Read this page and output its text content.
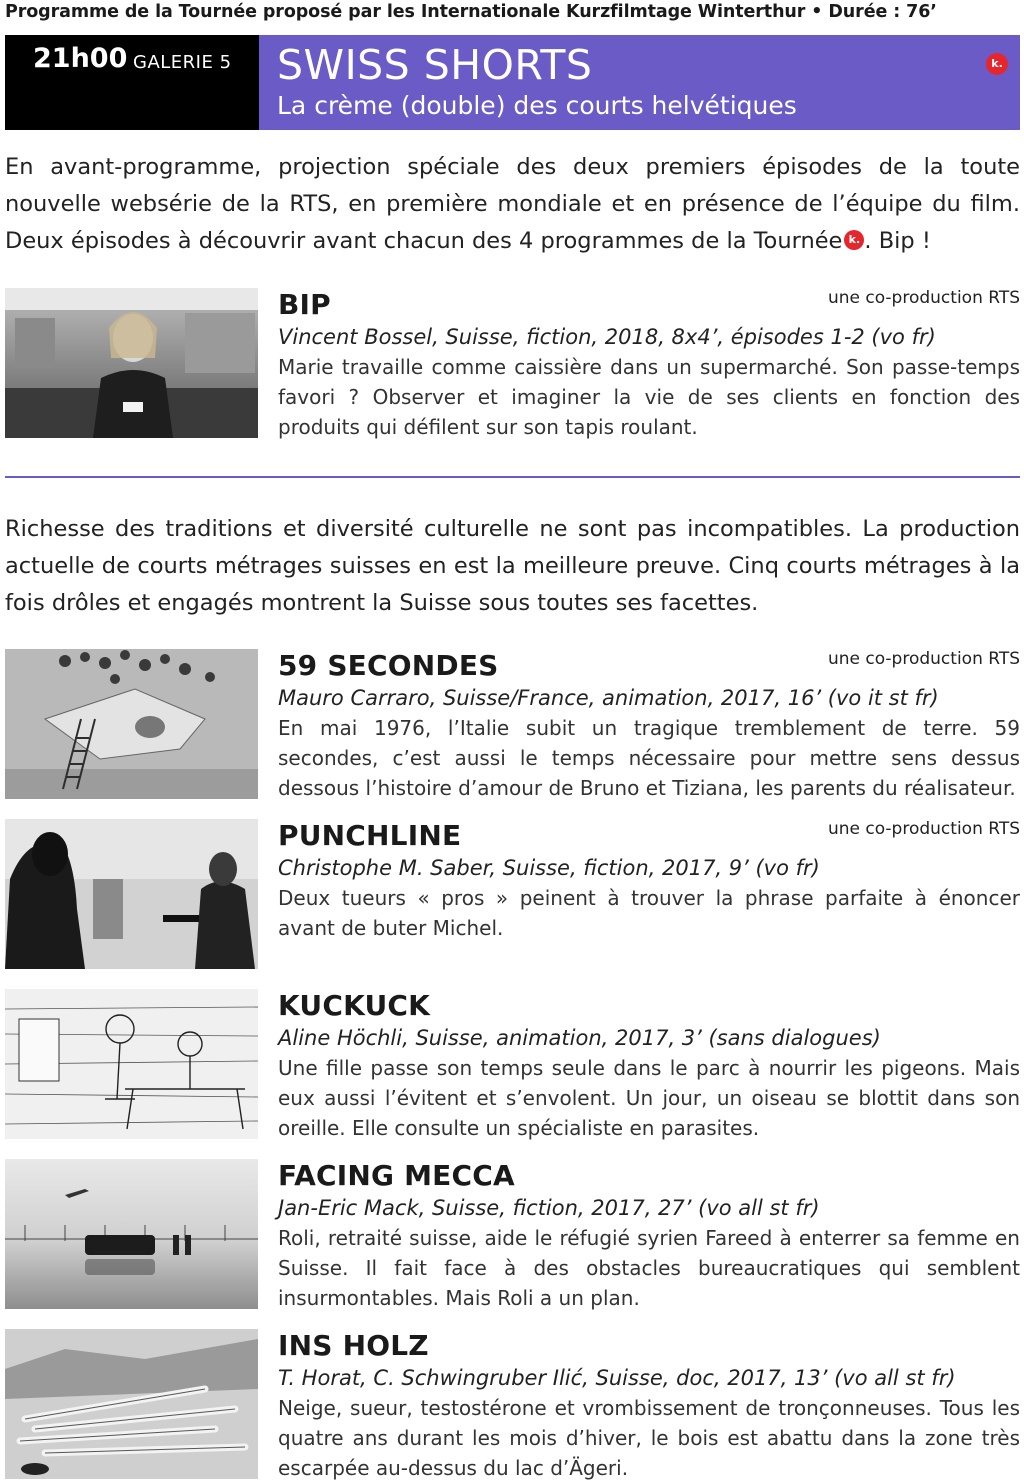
Programme de la Tournée proposé par les Internationale Kurzfilmtage Winterthur • Durée : 76’
21h00 GALERIE 5 SWISS SHORTS
La crème (double) des courts helvétiques
k.
En avant-programme, projection spéciale des deux premiers épisodes de la toute nouvelle websérie de la RTS, en première mondiale et en présence de l’équipe du film. Deux épisodes à découvrir avant chacun des 4 programmes de la Tournée k. . Bip !
BIP	une co-production RTS
Vincent Bossel, Suisse, fiction, 2018, 8x4’, épisodes 1-2 (vo fr)
Marie travaille comme caissière dans un supermarché. Son passe-temps favori ? Observer et imaginer la vie de ses clients en fonction des produits qui défilent sur son tapis roulant.
Richesse des traditions et diversité culturelle ne sont pas incompatibles. La production actuelle de courts métrages suisses en est la meilleure preuve. Cinq courts métrages à la fois drôles et engagés montrent la Suisse sous toutes ses facettes.
59 SECONDES	une co-production RTS
Mauro Carraro, Suisse/France, animation, 2017, 16’ (vo it st fr)
En mai 1976, l’Italie subit un tragique tremblement de terre. 59 secondes, c’est aussi le temps nécessaire pour mettre sens dessus dessous l’histoire d’amour de Bruno et Tiziana, les parents du réalisateur.
PUNCHLINE	une co-production RTS
Christophe M. Saber, Suisse, fiction, 2017, 9’ (vo fr)
Deux tueurs « pros » peinent à trouver la phrase parfaite à énoncer avant de buter Michel.
KUCKUCK
Aline Höchli, Suisse, animation, 2017, 3’ (sans dialogues)
Une fille passe son temps seule dans le parc à nourrir les pigeons. Mais eux aussi l’évitent et s’envolent. Un jour, un oiseau se blottit dans son oreille. Elle consulte un spécialiste en parasites.
FACING MECCA
Jan-Eric Mack, Suisse, fiction, 2017, 27’ (vo all st fr)
Roli, retraité suisse, aide le réfugié syrien Fareed à enterrer sa femme en Suisse. Il fait face à des obstacles bureaucratiques qui semblent insurmontables. Mais Roli a un plan.
INS HOLZ
T. Horat, C. Schwingruber Ilić, Suisse, doc, 2017, 13’ (vo all st fr)
Neige, sueur, testostérone et vrombissement de tronçonneuses. Tous les quatre ans durant les mois d’hiver, le bois est abattu dans la zone très escarpée au-dessus du lac d’Ägeri.
